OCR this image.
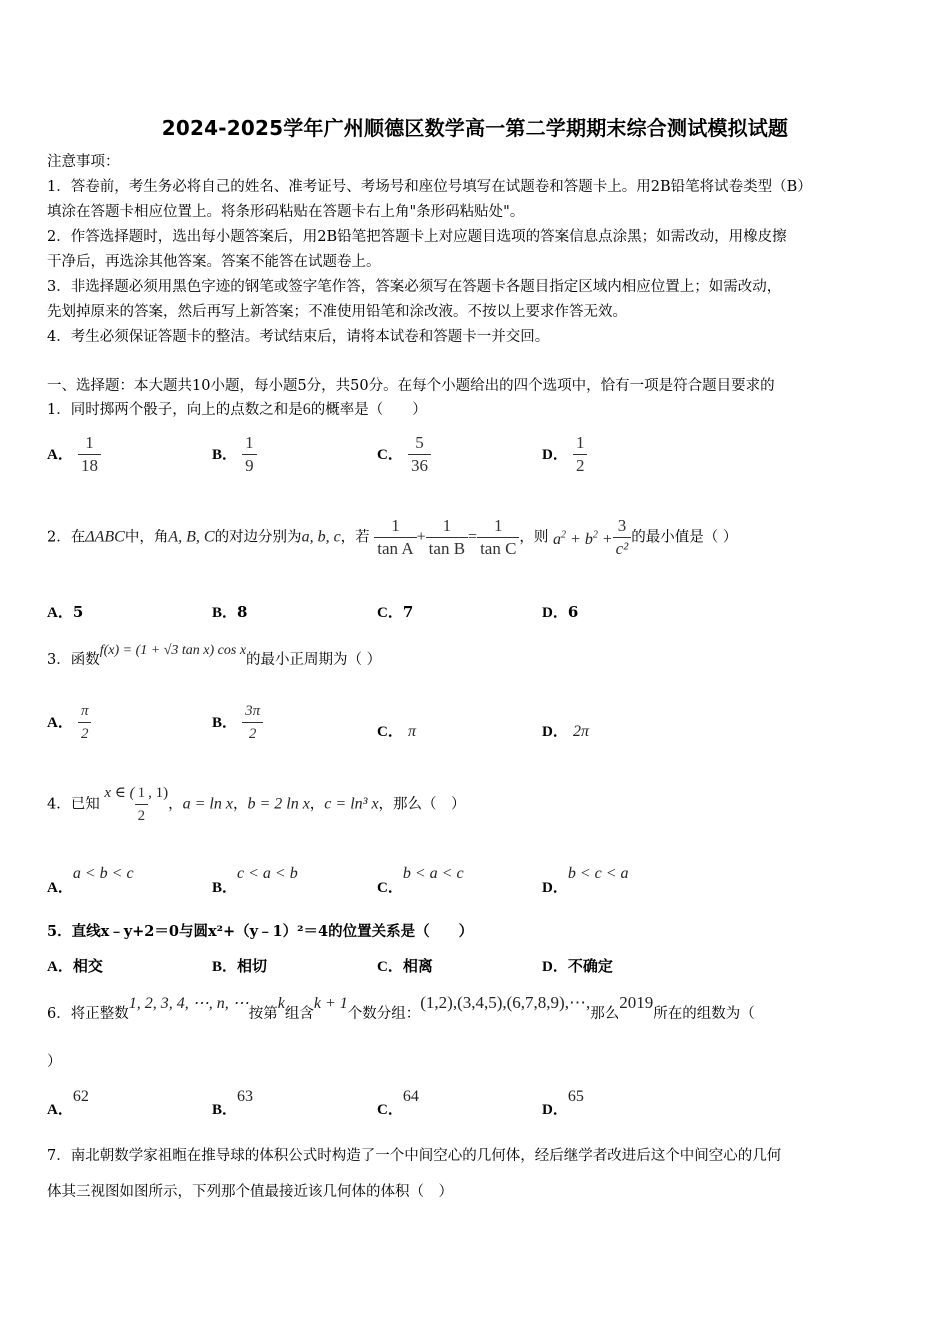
2024-2025学年广州顺德区数学高一第二学期期末综合测试模拟试题
注意事项：
1．答卷前，考生务必将自己的姓名、准考证号、考场号和座位号填写在试题卷和答题卡上。用2B铅笔将试卷类型（B）
填涂在答题卡相应位置上。将条形码粘贴在答题卡右上角"条形码粘贴处"。
2．作答选择题时，选出每小题答案后，用2B铅笔把答题卡上对应题目选项的答案信息点涂黑；如需改动，用橡皮擦
干净后，再选涂其他答案。答案不能答在试题卷上。
3．非选择题必须用黑色字迹的钢笔或签字笔作答，答案必须写在答题卡各题目指定区域内相应位置上；如需改动，
先划掉原来的答案，然后再写上新答案；不准使用铅笔和涂改液。不按以上要求作答无效。
4．考生必须保证答题卡的整洁。考试结束后，请将本试卷和答题卡一并交回。
一、选择题：本大题共10小题，每小题5分，共50分。在每个小题给出的四个选项中，恰有一项是符合题目要求的
1．同时掷两个骰子，向上的点数之和是6的概率是（　　）
A． $\frac{1}{18}$	B． $\frac{1}{9}$	C． $\frac{5}{36}$	D． $\frac{1}{2}$
2．在ΔABC中，角A, B, C的对边分别为a, b, c，若 $\frac{1}{\text{tan A}} + \frac{1}{\text{tan B}} = \frac{1}{\text{tan C}}$ ，则 $a^2 + b^2 + \frac{3}{\text{c²}}$ 的最小值是（ ）
A．5	B．8	C．7	D．6
3．函数f(x) = (1 + √3 tan x) cos x的最小正周期为（ ）
A． $\frac{\pi}{2}$	B． $\frac{3\pi}{2}$	C． π	D． 2π
4．已知 x ∈ ( $\frac{1}{2}$ , 1)，a = ln x，b = 2 ln x，c = ln³ x，那么（　）
A．a < b < c
B．c < a < b
C．b < a < c
D．b < c < a
5．直线x﹣y+2＝0与圆x²+（y﹣1）²＝4的位置关系是（　　）
A．相交	B．相切	C．相离	D．不确定
6．将正整数1, 2, 3, 4, ⋯, n, ⋯按第k组含k + 1个数分组：(1,2),(3,4,5),(6,7,8,9),⋯,那么2019所在的组数为（
）
A．62
B．63
C．64
D．65
7．南北朝数学家祖暅在推导球的体积公式时构造了一个中间空心的几何体，经后继学者改进后这个中间空心的几何
体其三视图如图所示，下列那个值最接近该几何体的体积（　）
